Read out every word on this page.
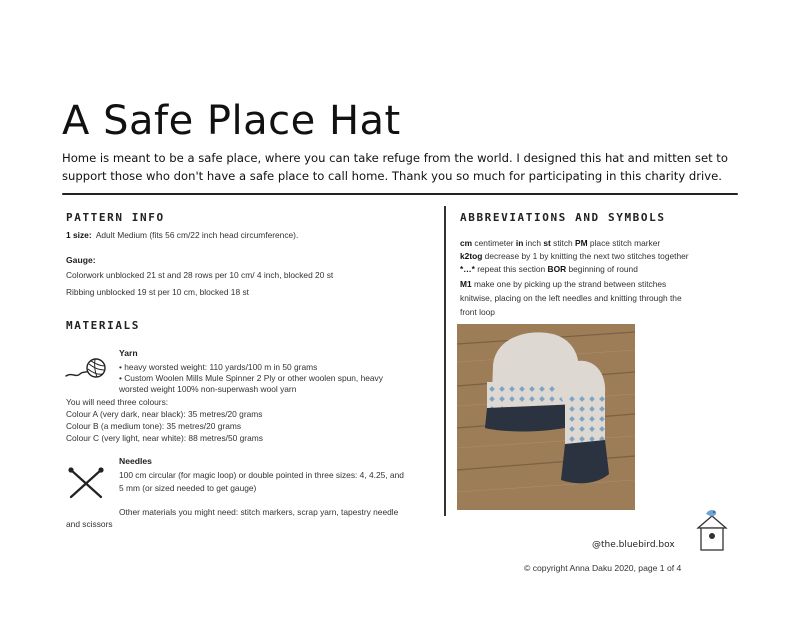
A Safe Place Hat
Home is meant to be a safe place, where you can take refuge from the world. I designed this hat and mitten set to support those who don't have a safe place to call home. Thank you so much for participating in this charity drive.
PATTERN INFO
1 size: Adult Medium (fits 56 cm/22 inch head circumference).
Gauge:
Colorwork unblocked 21 st and 28 rows per 10 cm/ 4 inch, blocked 20 st
Ribbing unblocked 19 st per 10 cm, blocked 18 st
MATERIALS
Yarn
• heavy worsted weight: 110 yards/100 m in 50 grams
• Custom Woolen Mills Mule Spinner 2 Ply or other woolen spun, heavy
worsted weight 100% non-superwash wool yarn
You will need three colours:
Colour A (very dark, near black): 35 metres/20 grams
Colour B (a medium tone): 35 metres/20 grams
Colour C (very light, near white): 88 metres/50 grams
Needles
100 cm circular (for magic loop) or double pointed in three sizes: 4, 4.25, and
5 mm (or sized needed to get gauge)
Other materials you might need: stitch markers, scrap yarn, tapestry needle
and scissors
ABBREVIATIONS AND SYMBOLS
cm centimeter in inch st stitch PM place stitch marker
k2tog decrease by 1 by knitting the next two stitches together
*…* repeat this section BOR beginning of round
M1 make one by picking up the strand between stitches
knitwise, placing on the left needles and knitting through the
front loop
@the.bluebird.box
© copyright Anna Daku 2020, page 1 of 4
